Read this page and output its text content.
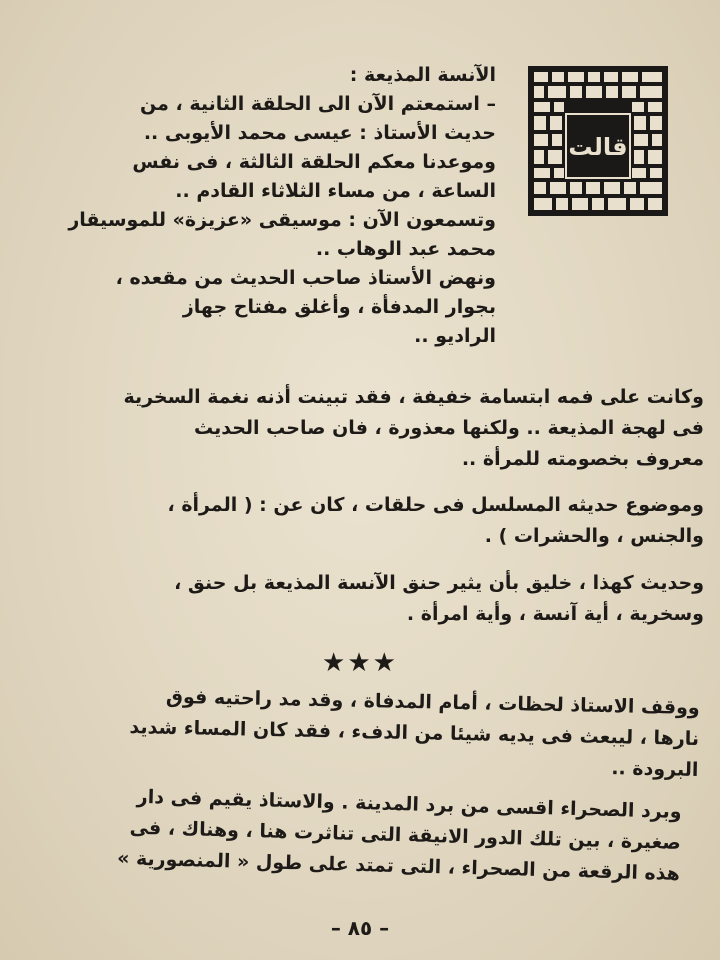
قالت
الآنسة المذيعة :
– استمعتم الآن الى الحلقة الثانية ، من
حديث الأستاذ : عيسى محمد الأيوبى ..
وموعدنا معكم الحلقة الثالثة ، فى نفس
الساعة ، من مساء الثلاثاء القادم ..
وتسمعون الآن : موسيقى «عزيزة» للموسيقار
محمد عبد الوهاب ..
ونهض الأستاذ صاحب الحديث من مقعده ،
بجوار المدفأة ، وأغلق مفتاح جهاز
الراديو ..
وكانت على فمه ابتسامة خفيفة ، فقد تبينت أذنه نغمة السخرية
فى لهجة المذيعة .. ولكنها معذورة ، فان صاحب الحديث
معروف بخصومته للمرأة ..
وموضوع حديثه المسلسل فى حلقات ، كان عن : ( المرأة ،
والجنس ، والحشرات ) .
وحديث كهذا ، خليق بأن يثير حنق الآنسة المذيعة بل حنق ،
وسخرية ، أية آنسة ، وأية امرأة .
★★★
ووقف الاستاذ لحظات ، أمام المدفاة ، وقد مد راحتيه فوق
نارها ، ليبعث فى يديه شيئا من الدفء ، فقد كان المساء شديد
البرودة ..
وبرد الصحراء اقسى من برد المدينة . والاستاذ يقيم فى دار
صغيرة ، بين تلك الدور الانيقة التى تناثرت هنا ، وهناك ، فى
هذه الرقعة من الصحراء ، التى تمتد على طول « المنصورية »
– ٨٥ –
